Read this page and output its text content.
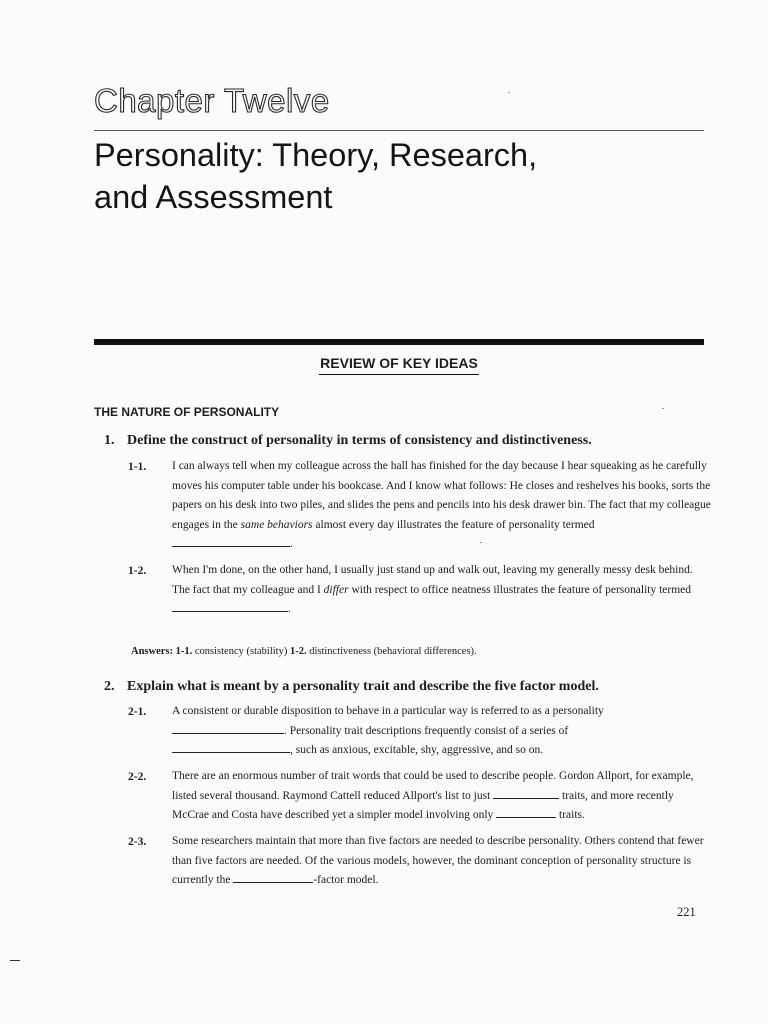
Chapter Twelve
Personality: Theory, Research,
and Assessment
REVIEW OF KEY IDEAS
THE NATURE OF PERSONALITY
1. Define the construct of personality in terms of consistency and distinctiveness.
1-1. I can always tell when my colleague across the hall has finished for the day because I hear squeaking as he carefully moves his computer table under his bookcase. And I know what follows: He closes and reshelves his books, sorts the papers on his desk into two piles, and slides the pens and pencils into his desk drawer bin. The fact that my colleague engages in the same behaviors almost every day illustrates the feature of personality termed .
1-2. When I'm done, on the other hand, I usually just stand up and walk out, leaving my generally messy desk behind. The fact that my colleague and I differ with respect to office neatness illustrates the feature of personality termed .
Answers: 1-1. consistency (stability) 1-2. distinctiveness (behavioral differences).
2. Explain what is meant by a personality trait and describe the five factor model.
2-1. A consistent or durable disposition to behave in a particular way is referred to as a personality
. Personality trait descriptions frequently consist of a series of
, such as anxious, excitable, shy, aggressive, and so on.
2-2. There are an enormous number of trait words that could be used to describe people. Gordon Allport, for example, listed several thousand. Raymond Cattell reduced Allport's list to just	traits, and more recently McCrae and Costa have described yet a simpler model involving only	traits.
2-3. Some researchers maintain that more than five factors are needed to describe personality. Others contend that fewer than five factors are needed. Of the various models, however, the dominant conception of personality structure is currently the	-factor model.
221
